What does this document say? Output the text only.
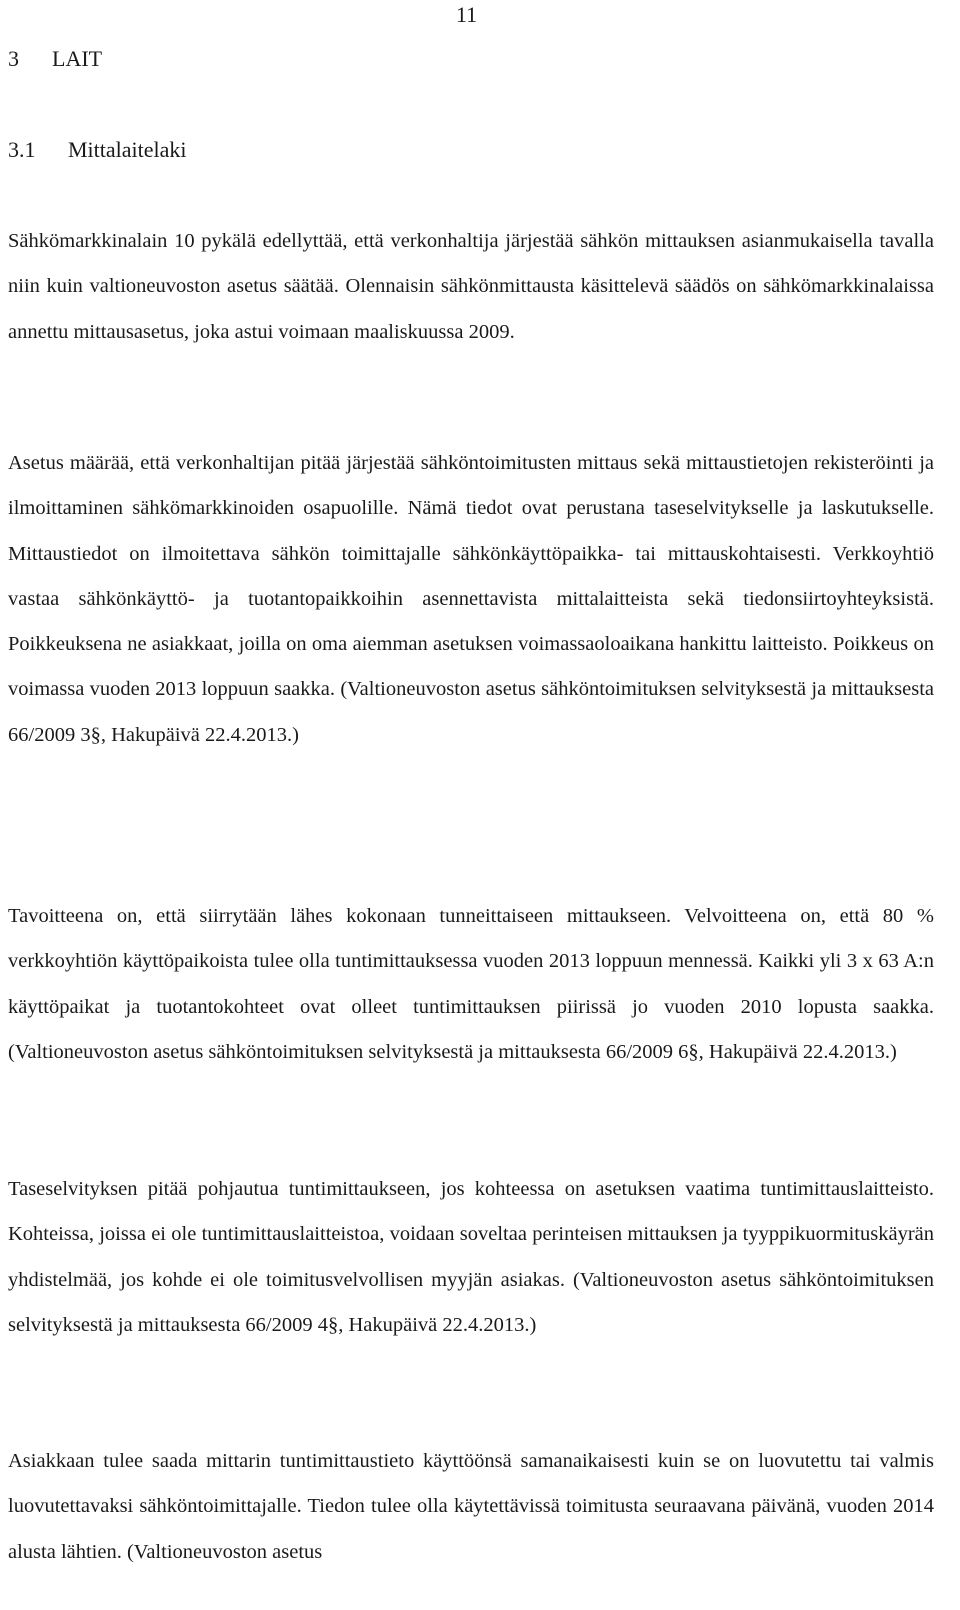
11
3 LAIT
3.1 Mittalaitelaki

Sähkömarkkinalain 10 pykälä edellyttää, että verkonhaltija järjestää sähkön mittauksen asianmukaisella tavalla niin kuin valtioneuvoston asetus säätää. Olennaisin sähkönmittausta käsittelevä säädös on sähkömarkkinalaissa annettu mittausasetus, joka astui voimaan maaliskuussa 2009.

Asetus määrää, että verkonhaltijan pitää järjestää sähköntoimitusten mittaus sekä mittaustietojen rekisteröinti ja ilmoittaminen sähkömarkkinoiden osapuolille. Nämä tiedot ovat perustana taseselvitykselle ja laskutukselle. Mittaustiedot on ilmoitettava sähkön toimittajalle sähkönkäyttöpaikka- tai mittauskohtaisesti. Verkkoyhtiö vastaa sähkönkäyttö- ja tuotantopaikkoihin asennettavista mittalaitteista sekä tiedonsiirtoyhteyksistä. Poikkeuksena ne asiakkaat, joilla on oma aiemman asetuksen voimassaoloaikana hankittu laitteisto. Poikkeus on voimassa vuoden 2013 loppuun saakka. (Valtioneuvoston asetus sähköntoimituksen selvityksestä ja mittauksesta 66/2009 3§, Hakupäivä 22.4.2013.)

Tavoitteena on, että siirrytään lähes kokonaan tunneittaiseen mittaukseen. Velvoitteena on, että 80 % verkkoyhtiön käyttöpaikoista tulee olla tuntimittauksessa vuoden 2013 loppuun mennessä. Kaikki yli 3 x 63 A:n käyttöpaikat ja tuotantokohteet ovat olleet tuntimittauksen piirissä jo vuoden 2010 lopusta saakka. (Valtioneuvoston asetus sähköntoimituksen selvityksestä ja mittauksesta 66/2009 6§, Hakupäivä 22.4.2013.)

Taseselvityksen pitää pohjautua tuntimittaukseen, jos kohteessa on asetuksen vaatima tuntimittauslaitteisto. Kohteissa, joissa ei ole tuntimittauslaitteistoa, voidaan soveltaa perinteisen mittauksen ja tyyppikuormituskäyrän yhdistelmää, jos kohde ei ole toimitusvelvollisen myyjän asiakas. (Valtioneuvoston asetus sähköntoimituksen selvityksestä ja mittauksesta 66/2009 4§, Hakupäivä 22.4.2013.)

Asiakkaan tulee saada mittarin tuntimittaustieto käyttöönsä samanaikaisesti kuin se on luovutettu tai valmis luovutettavaksi sähköntoimittajalle. Tiedon tulee olla käytettävissä toimitusta seuraavana päivänä, vuoden 2014 alusta lähtien. (Valtioneuvoston asetus
